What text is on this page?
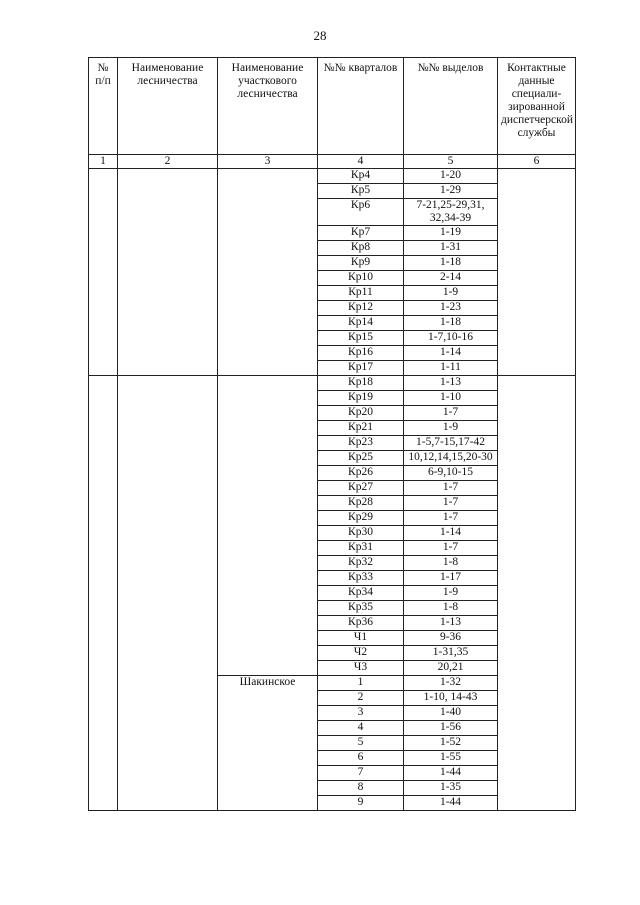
28
№ п/п	Наименование лесничества	Наименование участкового лесничества	№№ кварталов	№№ выделов	Контактные данные специали-зированной диспетчерской службы
1	2	3	4	5	6
			Кр4	1-20	
			Кр5	1-29	
			Кр6	7-21,25-29,31, 32,34-39	
			Кр7	1-19	
			Кр8	1-31	
			Кр9	1-18	
			Кр10	2-14	
			Кр11	1-9	
			Кр12	1-23	
			Кр14	1-18	
			Кр15	1-7,10-16	
			Кр16	1-14	
			Кр17	1-11	
			Кр18	1-13	
			Кр19	1-10	
			Кр20	1-7	
			Кр21	1-9	
			Кр23	1-5,7-15,17-42	
			Кр25	10,12,14,15,20-30	
			Кр26	6-9,10-15	
			Кр27	1-7	
			Кр28	1-7	
			Кр29	1-7	
			Кр30	1-14	
			Кр31	1-7	
			Кр32	1-8	
			Кр33	1-17	
			Кр34	1-9	
			Кр35	1-8	
			Кр36	1-13	
			Ч1	9-36	
			Ч2	1-31,35	
			Ч3	20,21	
		Шакинское	1	1-32	
			2	1-10, 14-43	
			3	1-40	
			4	1-56	
			5	1-52	
			6	1-55	
			7	1-44	
			8	1-35	
			9	1-44	
